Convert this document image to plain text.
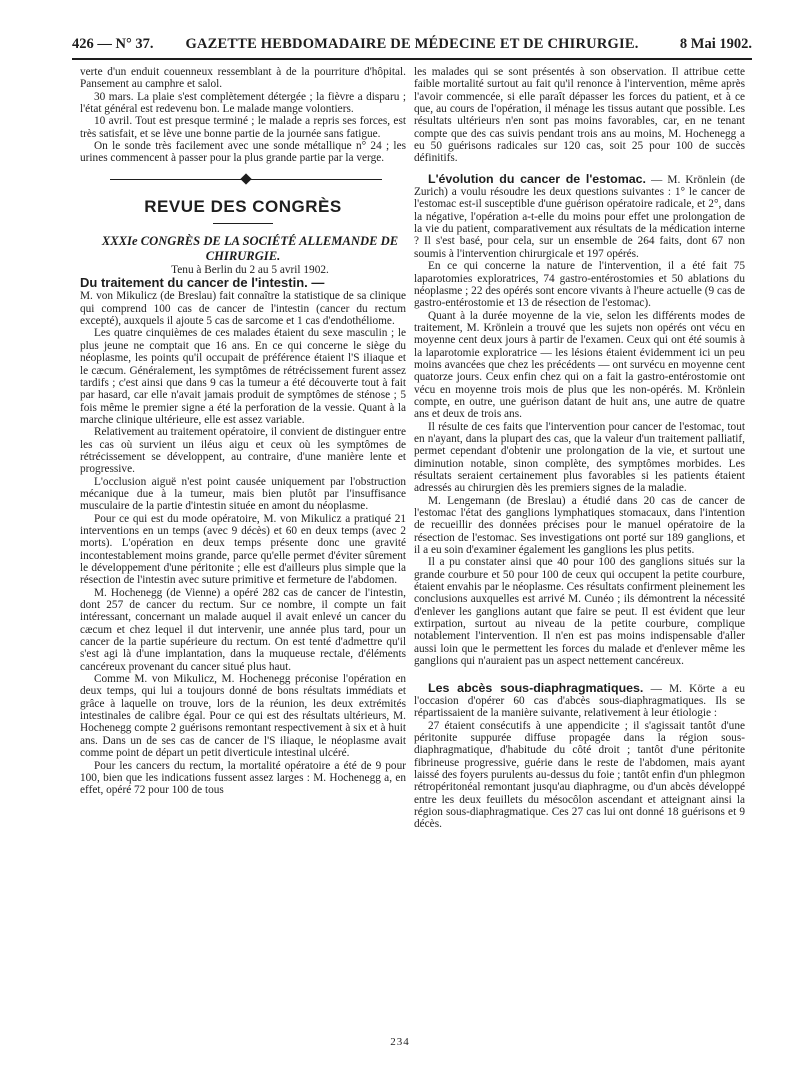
426 — N° 37.	GAZETTE HEBDOMADAIRE DE MÉDECINE ET DE CHIRURGIE.	8 Mai 1902.

verte d'un enduit couenneux ressemblant à de la pourriture d'hôpital. Pansement au camphre et salol.

30 mars. La plaie s'est complètement détergée ; la fièvre a disparu ; l'état général est redevenu bon. Le malade mange volontiers.

10 avril. Tout est presque terminé ; le malade a repris ses forces, est très satisfait, et se lève une bonne partie de la journée sans fatigue.

On le sonde très facilement avec une sonde métallique n° 24 ; les urines commencent à passer pour la plus grande partie par la verge.

REVUE DES CONGRÈS

XXXIe CONGRÈS DE LA SOCIÉTÉ ALLEMANDE DE CHIRURGIE.

Tenu à Berlin du 2 au 5 avril 1902.

Du traitement du cancer de l'intestin. —

M. von Mikulicz (de Breslau) fait connaître la statistique de sa clinique qui comprend 100 cas de cancer de l'intestin (cancer du rectum excepté), auxquels il ajoute 5 cas de sarcome et 1 cas d'endothéliome.

Les quatre cinquièmes de ces malades étaient du sexe masculin ; le plus jeune ne comptait que 16 ans. En ce qui concerne le siège du néoplasme, les points qu'il occupait de préférence étaient l'S iliaque et le cæcum. Généralement, les symptômes de rétrécissement furent assez tardifs ; c'est ainsi que dans 9 cas la tumeur a été découverte tout à fait par hasard, car elle n'avait jamais produit de symptômes de sténose ; 5 fois même le premier signe a été la perforation de la vessie. Quant à la marche clinique ultérieure, elle est assez variable.

Relativement au traitement opératoire, il convient de distinguer entre les cas où survient un iléus aigu et ceux où les symptômes de rétrécissement se développent, au contraire, d'une manière lente et progressive.

L'occlusion aiguë n'est point causée uniquement par l'obstruction mécanique due à la tumeur, mais bien plutôt par l'insuffisance musculaire de la partie d'intestin située en amont du néoplasme.

Pour ce qui est du mode opératoire, M. von Mikulicz a pratiqué 21 interventions en un temps (avec 9 décès) et 60 en deux temps (avec 2 morts). L'opération en deux temps présente donc une gravité incontestablement moins grande, parce qu'elle permet d'éviter sûrement le développement d'une péritonite ; elle est d'ailleurs plus simple que la résection de l'intestin avec suture primitive et fermeture de l'abdomen.

M. Hochenegg (de Vienne) a opéré 282 cas de cancer de l'intestin, dont 257 de cancer du rectum. Sur ce nombre, il compte un fait intéressant, concernant un malade auquel il avait enlevé un cancer du cæcum et chez lequel il dut intervenir, une année plus tard, pour un cancer de la partie supérieure du rectum. On est tenté d'admettre qu'il s'est agi là d'une implantation, dans la muqueuse rectale, d'éléments cancéreux provenant du cancer situé plus haut.

Comme M. von Mikulicz, M. Hochenegg préconise l'opération en deux temps, qui lui a toujours donné de bons résultats immédiats et grâce à laquelle on trouve, lors de la réunion, les deux extrémités intestinales de calibre égal. Pour ce qui est des résultats ultérieurs, M. Hochenegg compte 2 guérisons remontant respectivement à six et à huit ans. Dans un de ses cas de cancer de l'S iliaque, le néoplasme avait comme point de départ un petit diverticule intestinal ulcéré.

Pour les cancers du rectum, la mortalité opératoire a été de 9 pour 100, bien que les indications fussent assez larges : M. Hochenegg a, en effet, opéré 72 pour 100 de tous

les malades qui se sont présentés à son observation. Il attribue cette faible mortalité surtout au fait qu'il renonce à l'intervention, même après l'avoir commencée, si elle paraît dépasser les forces du patient, et à ce que, au cours de l'opération, il ménage les tissus autant que possible. Les résultats ultérieurs n'en sont pas moins favorables, car, en ne tenant compte que des cas suivis pendant trois ans au moins, M. Hochenegg a eu 50 guérisons radicales sur 120 cas, soit 25 pour 100 de succès définitifs.

L'évolution du cancer de l'estomac. — M. Krönlein (de Zurich) a voulu résoudre les deux questions suivantes : 1° le cancer de l'estomac est-il susceptible d'une guérison opératoire radicale, et 2°, dans la négative, l'opération a-t-elle du moins pour effet une prolongation de la vie du patient, comparativement aux résultats de la médication interne ? Il s'est basé, pour cela, sur un ensemble de 264 faits, dont 67 non soumis à l'intervention chirurgicale et 197 opérés.

En ce qui concerne la nature de l'intervention, il a été fait 75 laparotomies exploratrices, 74 gastro-entérostomies et 50 ablations du néoplasme ; 22 des opérés sont encore vivants à l'heure actuelle (9 cas de gastro-entérostomie et 13 de résection de l'estomac).

Quant à la durée moyenne de la vie, selon les différents modes de traitement, M. Krönlein a trouvé que les sujets non opérés ont vécu en moyenne cent deux jours à partir de l'examen. Ceux qui ont été soumis à la laparotomie exploratrice — les lésions étaient évidemment ici un peu moins avancées que chez les précédents — ont survécu en moyenne cent quatorze jours. Ceux enfin chez qui on a fait la gastro-entérostomie ont vécu en moyenne trois mois de plus que les non-opérés. M. Krönlein compte, en outre, une guérison datant de huit ans, une autre de quatre ans et deux de trois ans.

Il résulte de ces faits que l'intervention pour cancer de l'estomac, tout en n'ayant, dans la plupart des cas, que la valeur d'un traitement palliatif, permet cependant d'obtenir une prolongation de la vie, et surtout une diminution notable, sinon complète, des symptômes morbides. Les résultats seraient certainement plus favorables si les patients étaient adressés au chirurgien dès les premiers signes de la maladie.

M. Lengemann (de Breslau) a étudié dans 20 cas de cancer de l'estomac l'état des ganglions lymphatiques stomacaux, dans l'intention de recueillir des données précises pour le manuel opératoire de la résection de l'estomac. Ses investigations ont porté sur 189 ganglions, et il a eu soin d'examiner également les ganglions les plus petits.

Il a pu constater ainsi que 40 pour 100 des ganglions situés sur la grande courbure et 50 pour 100 de ceux qui occupent la petite courbure, étaient envahis par le néoplasme. Ces résultats confirment pleinement les conclusions auxquelles est arrivé M. Cunéo ; ils démontrent la nécessité d'enlever les ganglions autant que faire se peut. Il est évident que leur extirpation, surtout au niveau de la petite courbure, complique notablement l'intervention. Il n'en est pas moins indispensable d'aller aussi loin que le permettent les forces du malade et d'enlever même les ganglions qui n'auraient pas un aspect nettement cancéreux.

Les abcès sous-diaphragmatiques. — M. Körte a eu l'occasion d'opérer 60 cas d'abcès sous-diaphragmatiques. Ils se répartissaient de la manière suivante, relativement à leur étiologie :

27 étaient consécutifs à une appendicite ; il s'agissait tantôt d'une péritonite suppurée diffuse propagée dans la région sous-diaphragmatique, d'habitude du côté droit ; tantôt d'une péritonite fibrineuse progressive, guérie dans le reste de l'abdomen, mais ayant laissé des foyers purulents au-dessus du foie ; tantôt enfin d'un phlegmon rétropéritonéal remontant jusqu'au diaphragme, ou d'un abcès développé entre les deux feuillets du mésocôlon ascendant et atteignant ainsi la région sous-diaphragmatique. Ces 27 cas lui ont donné 18 guérisons et 9 décès.

234
